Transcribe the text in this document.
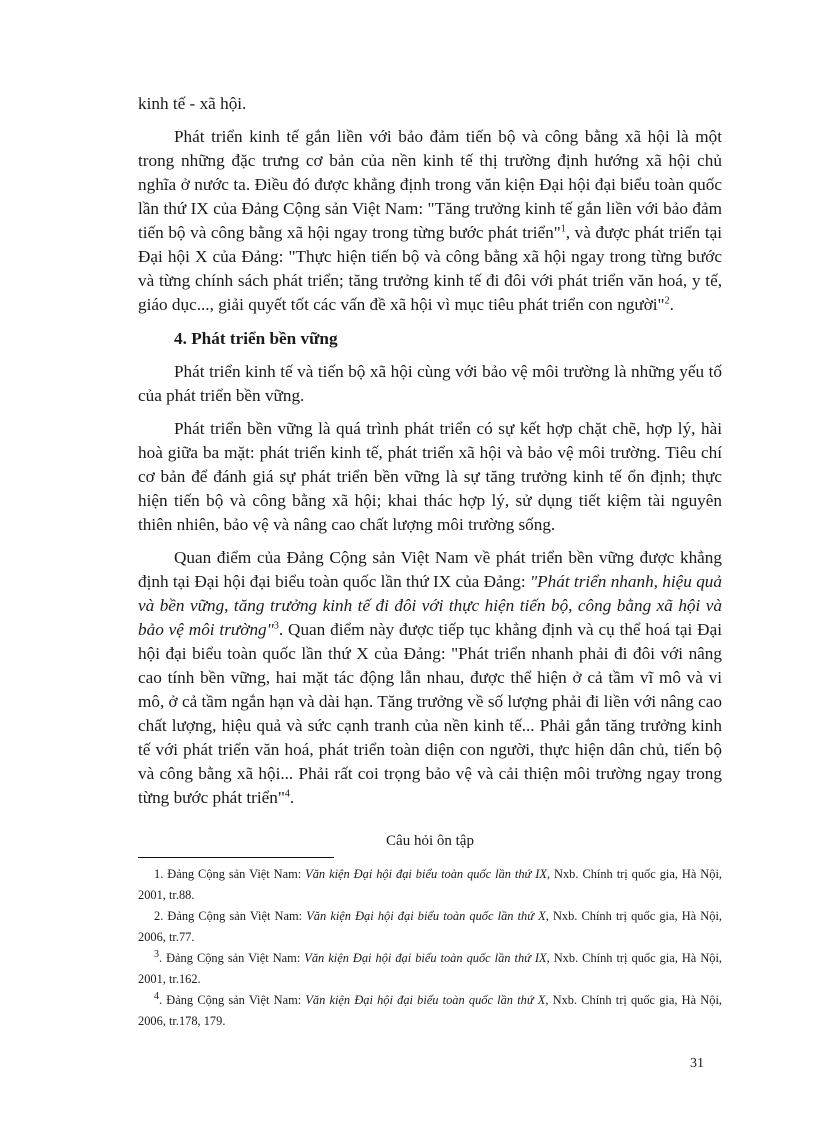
kinh tế - xã hội.

Phát triển kinh tế gắn liền với bảo đảm tiến bộ và công bằng xã hội là một trong những đặc trưng cơ bản của nền kinh tế thị trường định hướng xã hội chủ nghĩa ở nước ta. Điều đó được khẳng định trong văn kiện Đại hội đại biểu toàn quốc lần thứ IX của Đảng Cộng sản Việt Nam: "Tăng trưởng kinh tế gắn liền với bảo đảm tiến bộ và công bằng xã hội ngay trong từng bước phát triển"$^1$, và được phát triển tại Đại hội X của Đảng: "Thực hiện tiến bộ và công bằng xã hội ngay trong từng bước và từng chính sách phát triển; tăng trưởng kinh tế đi đôi với phát triển văn hoá, y tế, giáo dục..., giải quyết tốt các vấn đề xã hội vì mục tiêu phát triển con người"$^2$.

4. Phát triển bền vững

Phát triển kinh tế và tiến bộ xã hội cùng với bảo vệ môi trường là những yếu tố của phát triển bền vững.

Phát triển bền vững là quá trình phát triển có sự kết hợp chặt chẽ, hợp lý, hài hoà giữa ba mặt: phát triển kinh tế, phát triển xã hội và bảo vệ môi trường. Tiêu chí cơ bản để đánh giá sự phát triển bền vững là sự tăng trưởng kinh tế ổn định; thực hiện tiến bộ và công bằng xã hội; khai thác hợp lý, sử dụng tiết kiệm tài nguyên thiên nhiên, bảo vệ và nâng cao chất lượng môi trường sống.

Quan điểm của Đảng Cộng sản Việt Nam về phát triển bền vững được khẳng định tại Đại hội đại biểu toàn quốc lần thứ IX của Đảng: "Phát triển nhanh, hiệu quả và bền vững, tăng trưởng kinh tế đi đôi với thực hiện tiến bộ, công bằng xã hội và bảo vệ môi trường"$^3$. Quan điểm này được tiếp tục khẳng định và cụ thể hoá tại Đại hội đại biểu toàn quốc lần thứ X của Đảng: "Phát triển nhanh phải đi đôi với nâng cao tính bền vững, hai mặt tác động lẫn nhau, được thể hiện ở cả tầm vĩ mô và vi mô, ở cả tầm ngắn hạn và dài hạn. Tăng trưởng về số lượng phải đi liền với nâng cao chất lượng, hiệu quả và sức cạnh tranh của nền kinh tế... Phải gắn tăng trưởng kinh tế với phát triển văn hoá, phát triển toàn diện con người, thực hiện dân chủ, tiến bộ và công bằng xã hội... Phải rất coi trọng bảo vệ và cải thiện môi trường ngay trong từng bước phát triển"$^4$.

Câu hỏi ôn tập

1. Đảng Cộng sản Việt Nam: Văn kiện Đại hội đại biểu toàn quốc lần thứ IX, Nxb. Chính trị quốc gia, Hà Nội, 2001, tr.88.

2. Đảng Cộng sản Việt Nam: Văn kiện Đại hội đại biểu toàn quốc lần thứ X, Nxb. Chính trị quốc gia, Hà Nội, 2006, tr.77.

$^3$. Đảng Cộng sản Việt Nam: Văn kiện Đại hội đại biểu toàn quốc lần thứ IX, Nxb. Chính trị quốc gia, Hà Nội, 2001, tr.162.

$^4$. Đảng Cộng sản Việt Nam: Văn kiện Đại hội đại biểu toàn quốc lần thứ X, Nxb. Chính trị quốc gia, Hà Nội, 2006, tr.178, 179.

31
